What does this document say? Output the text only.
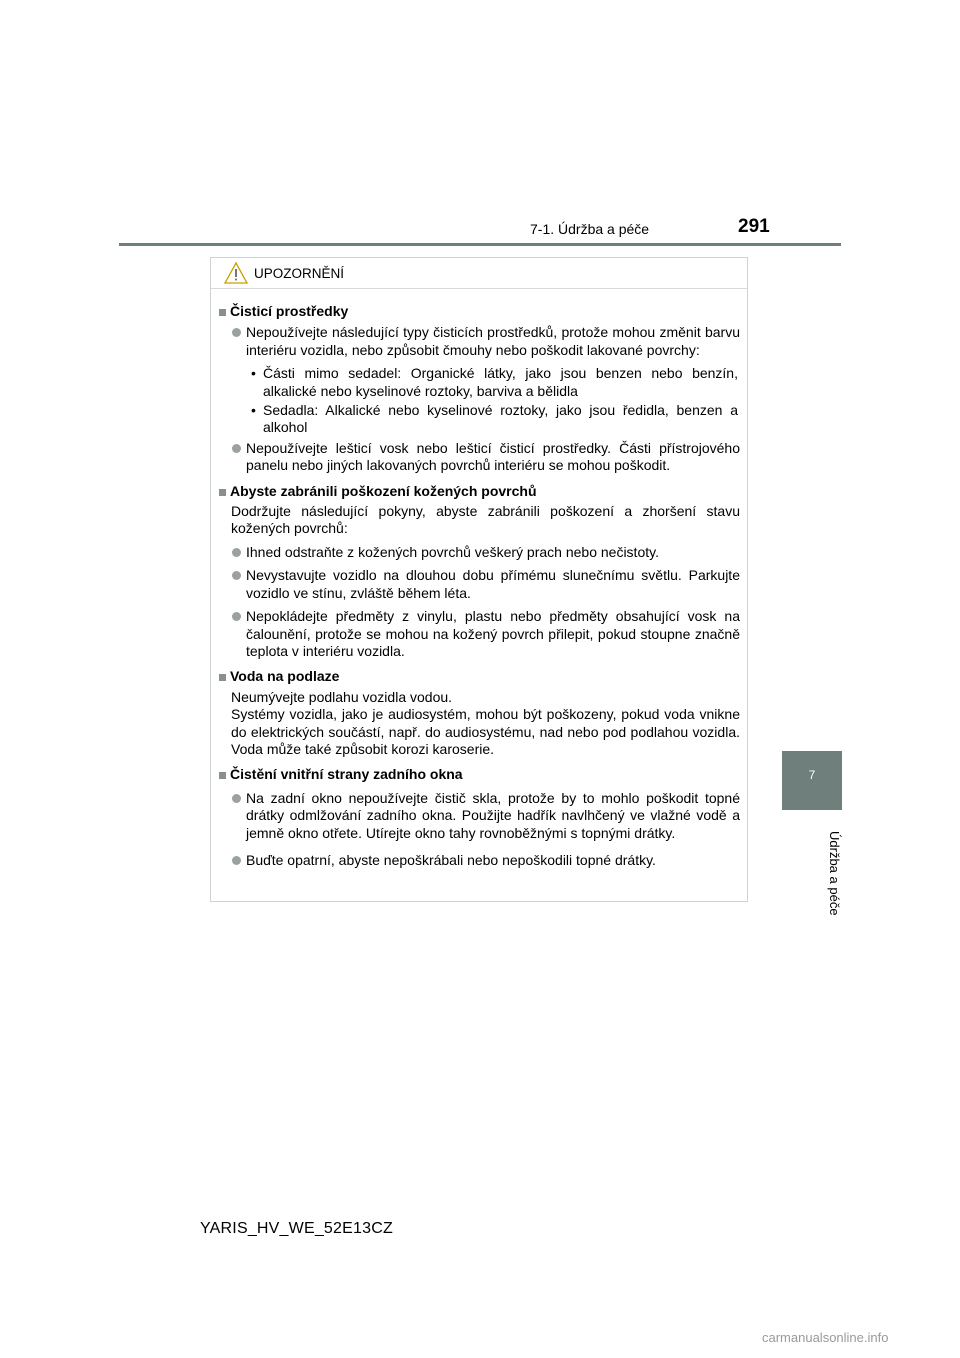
7-1. Údržba a péče	291
7
Údržba a péče
UPOZORNĚNÍ
Čisticí prostředky
Nepoužívejte následující typy čisticích prostředků, protože mohou změnit barvu interiéru vozidla, nebo způsobit čmouhy nebo poškodit lakované povrchy:
• Části mimo sedadel: Organické látky, jako jsou benzen nebo benzín, alkalické nebo kyselinové roztoky, barviva a bělidla
• Sedadla: Alkalické nebo kyselinové roztoky, jako jsou ředidla, benzen a alkohol
Nepoužívejte lešticí vosk nebo lešticí čisticí prostředky. Části přístrojového panelu nebo jiných lakovaných povrchů interiéru se mohou poškodit.
Abyste zabránili poškození kožených povrchů
Dodržujte následující pokyny, abyste zabránili poškození a zhoršení stavu kožených povrchů:
Ihned odstraňte z kožených povrchů veškerý prach nebo nečistoty.
Nevystavujte vozidlo na dlouhou dobu přímému slunečnímu světlu. Parkujte vozidlo ve stínu, zvláště během léta.
Nepokládejte předměty z vinylu, plastu nebo předměty obsahující vosk na čalounění, protože se mohou na kožený povrch přilepit, pokud stoupne značně teplota v interiéru vozidla.
Voda na podlaze
Neumývejte podlahu vozidla vodou.
Systémy vozidla, jako je audiosystém, mohou být poškozeny, pokud voda vnikne do elektrických součástí, např. do audiosystému, nad nebo pod podlahou vozidla. Voda může také způsobit korozi karoserie.
Čistění vnitřní strany zadního okna
Na zadní okno nepoužívejte čistič skla, protože by to mohlo poškodit topné drátky odmlžování zadního okna. Použijte hadřík navlhčený ve vlažné vodě a jemně okno otřete. Utírejte okno tahy rovnoběžnými s topnými drátky.
Buďte opatrní, abyste nepoškrábali nebo nepoškodili topné drátky.
YARIS_HV_WE_52E13CZ
carmanualsonline.info
